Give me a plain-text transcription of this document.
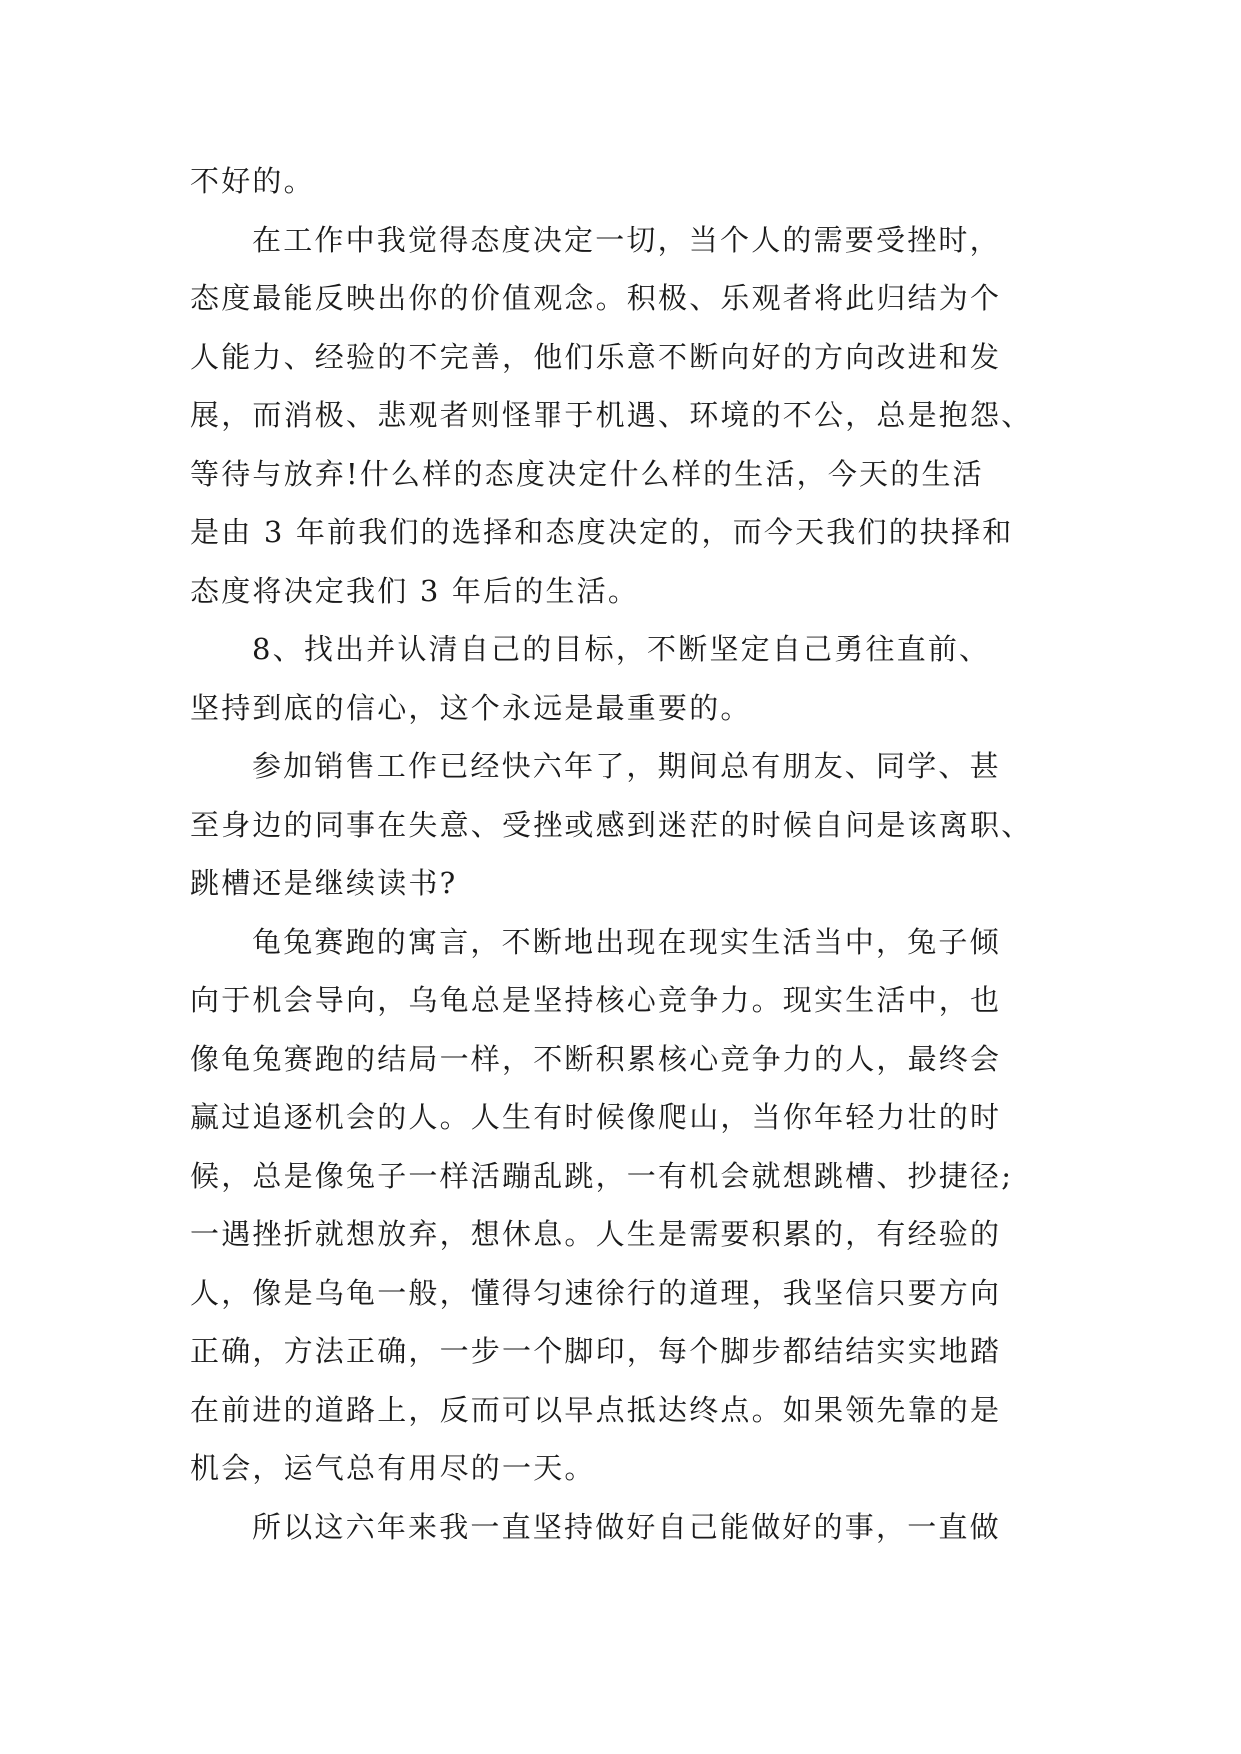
不好的。
在工作中我觉得态度决定一切，当个人的需要受挫时，
态度最能反映出你的价值观念。积极、乐观者将此归结为个
人能力、经验的不完善，他们乐意不断向好的方向改进和发
展，而消极、悲观者则怪罪于机遇、环境的不公，总是抱怨、
等待与放弃!什么样的态度决定什么样的生活，今天的生活
是由 3 年前我们的选择和态度决定的，而今天我们的抉择和
态度将决定我们 3 年后的生活。
8、找出并认清自己的目标，不断坚定自己勇往直前、
坚持到底的信心，这个永远是最重要的。
参加销售工作已经快六年了，期间总有朋友、同学、甚
至身边的同事在失意、受挫或感到迷茫的时候自问是该离职、
跳槽还是继续读书?
龟兔赛跑的寓言，不断地出现在现实生活当中，兔子倾
向于机会导向，乌龟总是坚持核心竞争力。现实生活中，也
像龟兔赛跑的结局一样，不断积累核心竞争力的人，最终会
赢过追逐机会的人。人生有时候像爬山，当你年轻力壮的时
候，总是像兔子一样活蹦乱跳，一有机会就想跳槽、抄捷径;
一遇挫折就想放弃，想休息。人生是需要积累的，有经验的
人，像是乌龟一般，懂得匀速徐行的道理，我坚信只要方向
正确，方法正确，一步一个脚印，每个脚步都结结实实地踏
在前进的道路上，反而可以早点抵达终点。如果领先靠的是
机会，运气总有用尽的一天。
所以这六年来我一直坚持做好自己能做好的事，一直做
